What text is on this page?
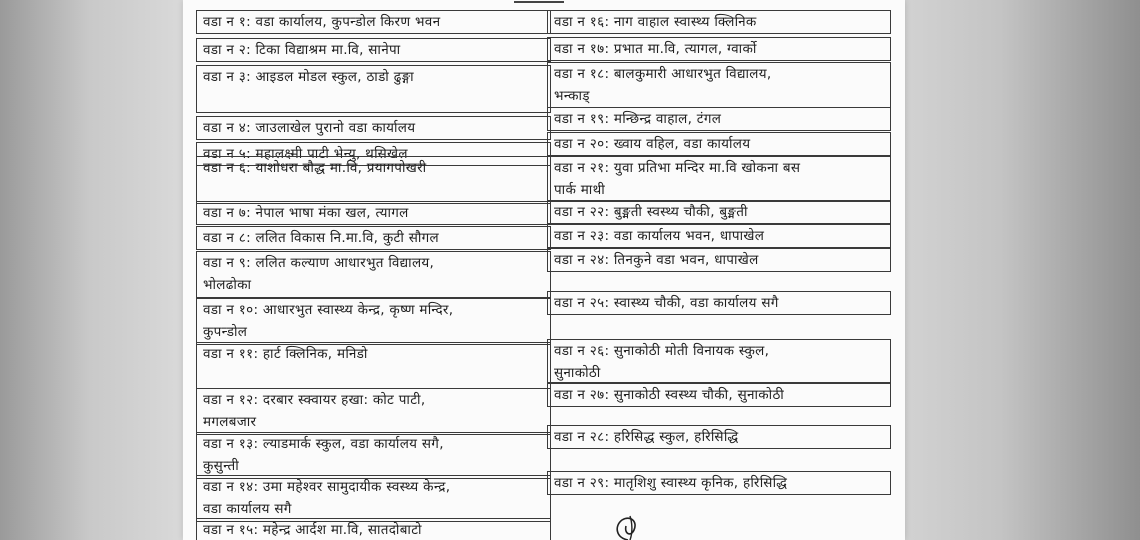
वडा न १: वडा कार्यालय, कुपन्डोल किरण भवन
वडा न २: टिका विद्याश्रम मा.वि, सानेपा
वडा न ३: आइडल मोडल स्कुल, ठाडो ढुङ्गा
वडा न ४: जाउलाखेल पुरानो वडा कार्यालय
वडा न ५: महालक्ष्मी पाटी भेन्यु, थसिखेल
वडा न ६: याशोधरा बौद्ध मा.वि, प्रयागपोखरी
वडा न ७: नेपाल भाषा मंका खल, त्यागल
वडा न ८: ललित विकास नि.मा.वि, कुटी सौगल
वडा न ९: ललित कल्याण आधारभुत विद्यालय,
भोलढोका
वडा न १०: आधारभुत स्वास्थ्य केन्द्र, कृष्ण मन्दिर,
कुपन्डोल
वडा न ११: हार्ट क्लिनिक, मनिडो
वडा न १२: दरबार स्क्वायर हखा: कोट पाटी,
मगलबजार
वडा न १३: ल्याडमार्क स्कुल, वडा कार्यालय सगै,
कुसुन्ती
वडा न १४: उमा महेश्वर सामुदायीक स्वस्थ्य केन्द्र,
वडा कार्यालय सगै
वडा न १५: महेन्द्र आर्दश मा.वि, सातदोबाटो
वडा न १६: नाग वाहाल स्वास्थ्य क्लिनिक
वडा न १७: प्रभात मा.वि, त्यागल, ग्वार्को
वडा न १८: बालकुमारी आधारभुत विद्यालय,
भन्काड्
वडा न १९: मन्छिन्द्र वाहाल, टंगल
वडा न २०: ख्वाय वहिल, वडा कार्यालय
वडा न २१: युवा प्रतिभा मन्दिर मा.वि खोकना बस
पार्क माथी
वडा न २२: बुङ्मती स्वस्थ्य चौकी, बुङ्मती
वडा न २३: वडा कार्यालय भवन, धापाखेल
वडा न २४: तिनकुने वडा भवन, धापाखेल
वडा न २५: स्वास्थ्य चौकी, वडा कार्यालय सगै
वडा न २६: सुनाकोठी मोती विनायक स्कुल,
सुनाकोठी
वडा न २७: सुनाकोठी स्वस्थ्य चौकी, सुनाकोठी
वडा न २८: हरिसिद्ध स्कुल, हरिसिद्धि
वडा न २९: मातृशिशु स्वास्थ्य कृनिक, हरिसिद्धि
